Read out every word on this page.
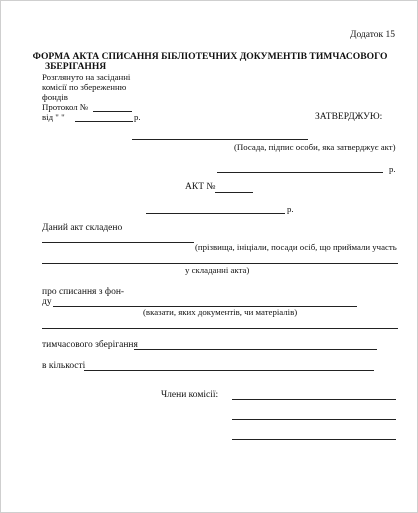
Додаток 15
ФОРМА АКТА СПИСАННЯ БІБЛІОТЕЧНИХ ДОКУМЕНТІВ ТИМЧАСОВОГО
ЗБЕРІГАННЯ
Розглянуто на засіданні
комісії по збереженню
фондів
Протокол №
від " "	р.	ЗАТВЕРДЖУЮ:
(Посада, підпис особи, яка затверджує акт)
р.
АКТ №
р.
Даний акт складено
(прізвища, ініціали, посади осіб, що приймали участь
у складанні акта)
про списання з фон-
ду
(вказати, яких документів, чи матеріалів)
тимчасового зберігання
в кількості
Члени комісії:
